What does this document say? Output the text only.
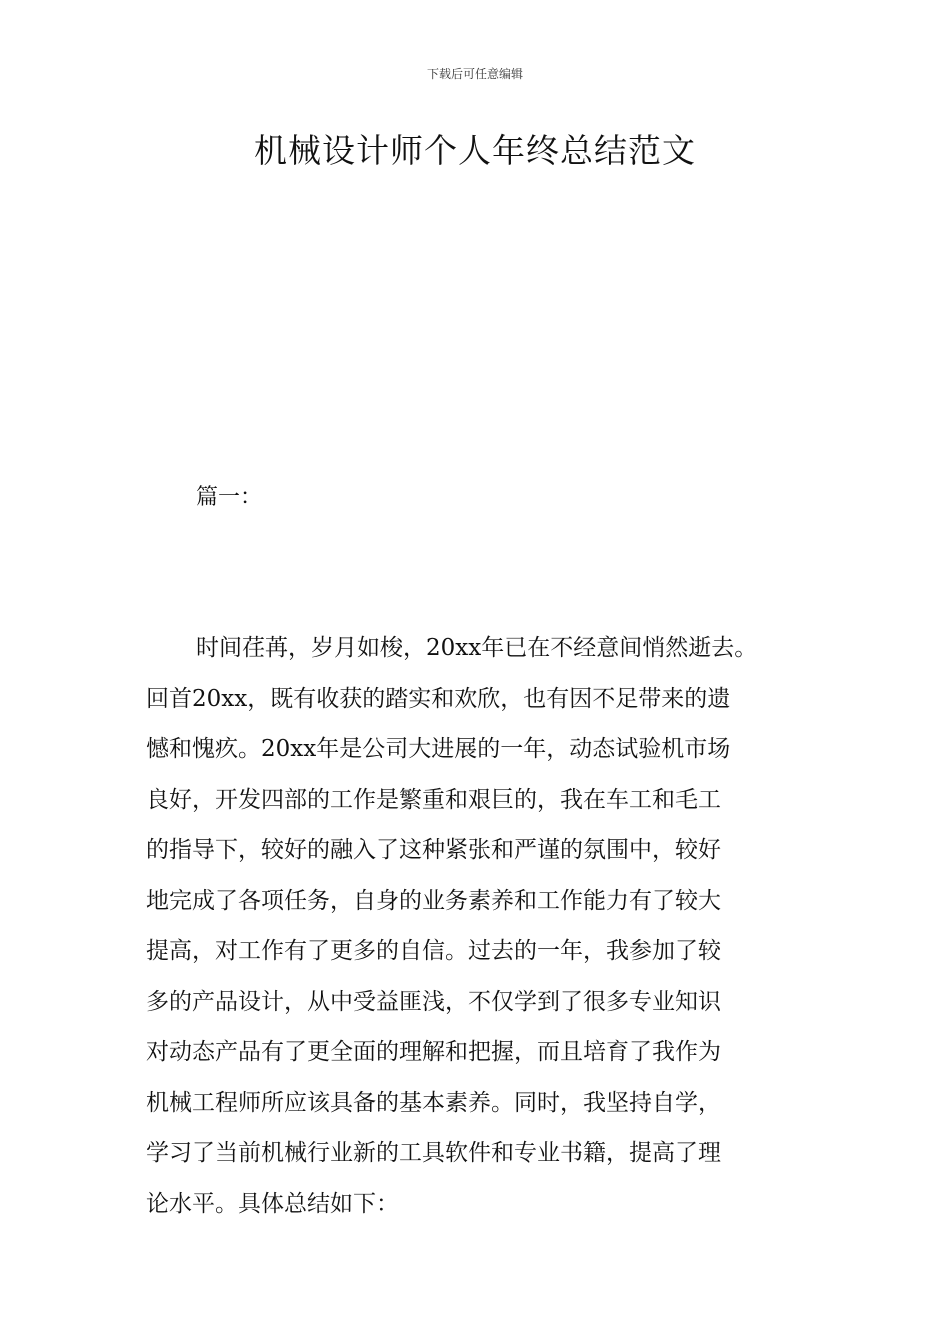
下载后可任意编辑
机械设计师个人年终总结范文
篇一：
时间荏苒，岁月如梭，20xx年已在不经意间悄然逝去。
回首20xx，既有收获的踏实和欢欣，也有因不足带来的遗
憾和愧疚。20xx年是公司大进展的一年，动态试验机市场
良好，开发四部的工作是繁重和艰巨的，我在车工和毛工
的指导下，较好的融入了这种紧张和严谨的氛围中，较好
地完成了各项任务，自身的业务素养和工作能力有了较大
提高，对工作有了更多的自信。过去的一年，我参加了较
多的产品设计，从中受益匪浅，不仅学到了很多专业知识
对动态产品有了更全面的理解和把握，而且培育了我作为
机械工程师所应该具备的基本素养。同时，我坚持自学，
学习了当前机械行业新的工具软件和专业书籍，提高了理
论水平。具体总结如下：
